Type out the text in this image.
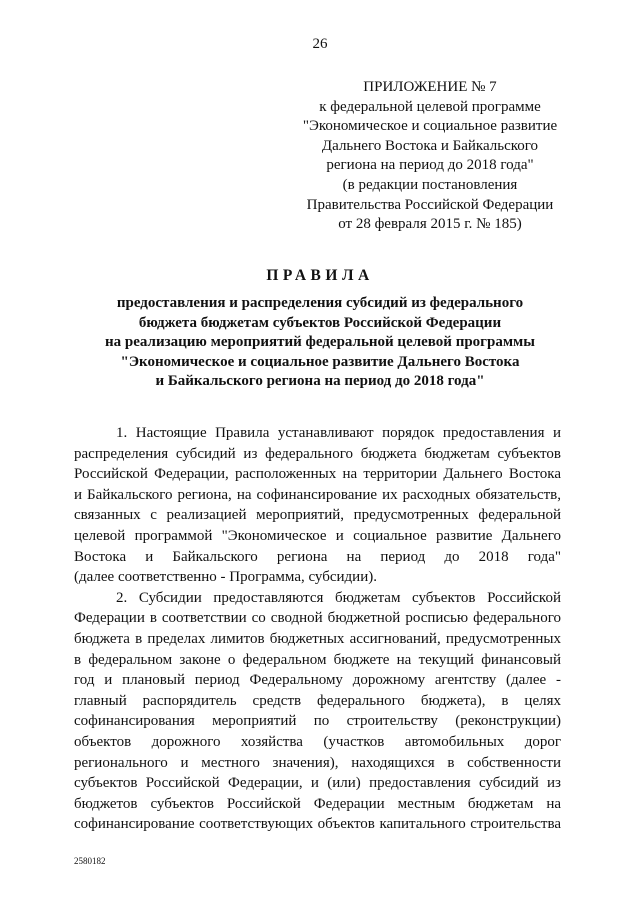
26
ПРИЛОЖЕНИЕ № 7
к федеральной целевой программе
"Экономическое и социальное развитие
Дальнего Востока и Байкальского
региона на период до 2018 года"
(в редакции постановления
Правительства Российской Федерации
от 28 февраля 2015 г. № 185)
ПРАВИЛА
предоставления и распределения субсидий из федерального
бюджета бюджетам субъектов Российской Федерации
на реализацию мероприятий федеральной целевой программы
"Экономическое и социальное развитие Дальнего Востока
и Байкальского региона на период до 2018 года"
1. Настоящие Правила устанавливают порядок предоставления и
распределения субсидий из федерального бюджета бюджетам субъектов
Российской Федерации, расположенных на территории Дальнего Востока
и Байкальского региона, на софинансирование их расходных обязательств,
связанных с реализацией мероприятий, предусмотренных федеральной
целевой программой "Экономическое и социальное развитие Дальнего
Востока и Байкальского региона на период до 2018 года"
(далее соответственно - Программа, субсидии).
2. Субсидии предоставляются бюджетам субъектов Российской
Федерации в соответствии со сводной бюджетной росписью федерального
бюджета в пределах лимитов бюджетных ассигнований, предусмотренных
в федеральном законе о федеральном бюджете на текущий финансовый
год и плановый период Федеральному дорожному агентству (далее -
главный распорядитель средств федерального бюджета), в целях
софинансирования мероприятий по строительству (реконструкции)
объектов дорожного хозяйства (участков автомобильных дорог
регионального и местного значения), находящихся в собственности
субъектов Российской Федерации, и (или) предоставления субсидий из
бюджетов субъектов Российской Федерации местным бюджетам на
софинансирование соответствующих объектов капитального строительства
2580182
